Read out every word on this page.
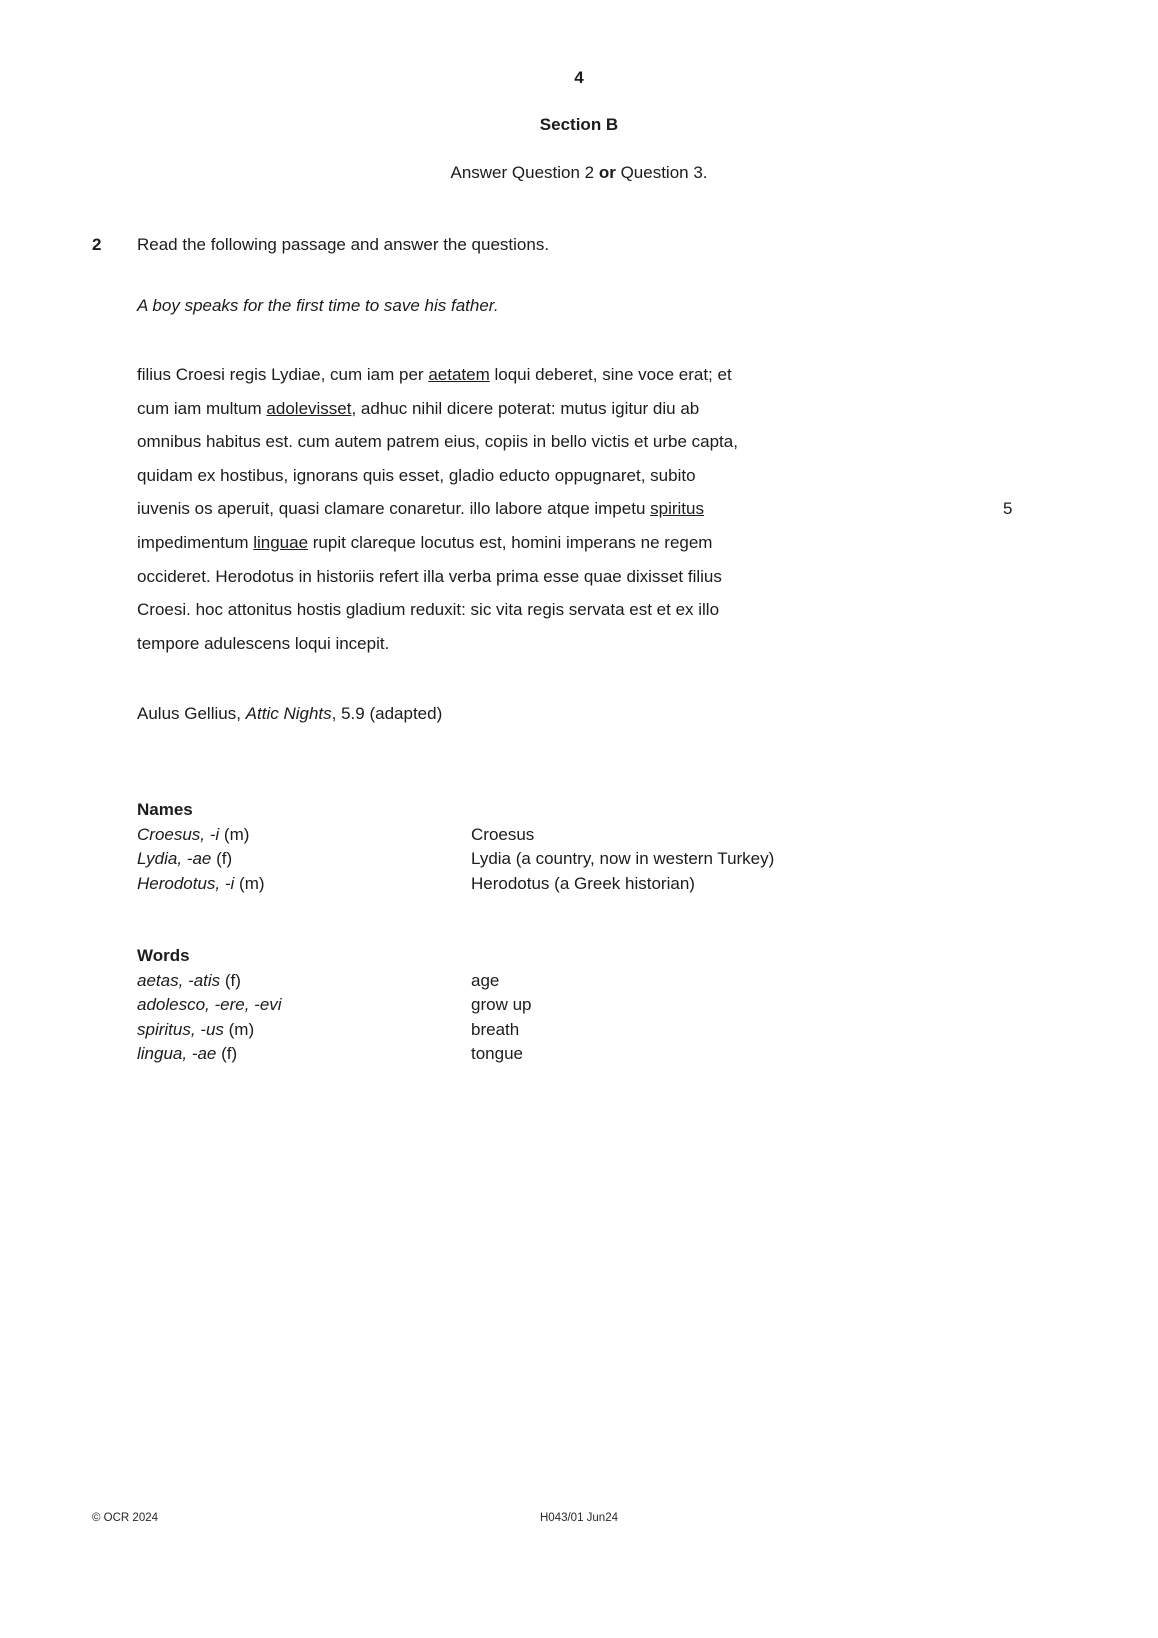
4
Section B
Answer Question 2 or Question 3.
2	Read the following passage and answer the questions.
A boy speaks for the first time to save his father.
filius Croesi regis Lydiae, cum iam per aetatem loqui deberet, sine voce erat; et
cum iam multum adolevisset, adhuc nihil dicere poterat: mutus igitur diu ab
omnibus habitus est. cum autem patrem eius, copiis in bello victis et urbe capta,
quidam ex hostibus, ignorans quis esset, gladio educto oppugnaret, subito
iuvenis os aperuit, quasi clamare conaretur. illo labore atque impetu spiritus
impedimentum linguae rupit clareque locutus est, homini imperans ne regem
occideret. Herodotus in historiis refert illa verba prima esse quae dixisset filius
Croesi. hoc attonitus hostis gladium reduxit: sic vita regis servata est et ex illo
tempore adulescens loqui incepit.
5
Aulus Gellius, Attic Nights, 5.9 (adapted)
Names
Croesus, -i (m)	Croesus
Lydia, -ae (f)	Lydia (a country, now in western Turkey)
Herodotus, -i (m)	Herodotus (a Greek historian)
Words
aetas, -atis (f)	age
adolesco, -ere, -evi	grow up
spiritus, -us (m)	breath
lingua, -ae (f)	tongue
© OCR 2024	H043/01 Jun24
